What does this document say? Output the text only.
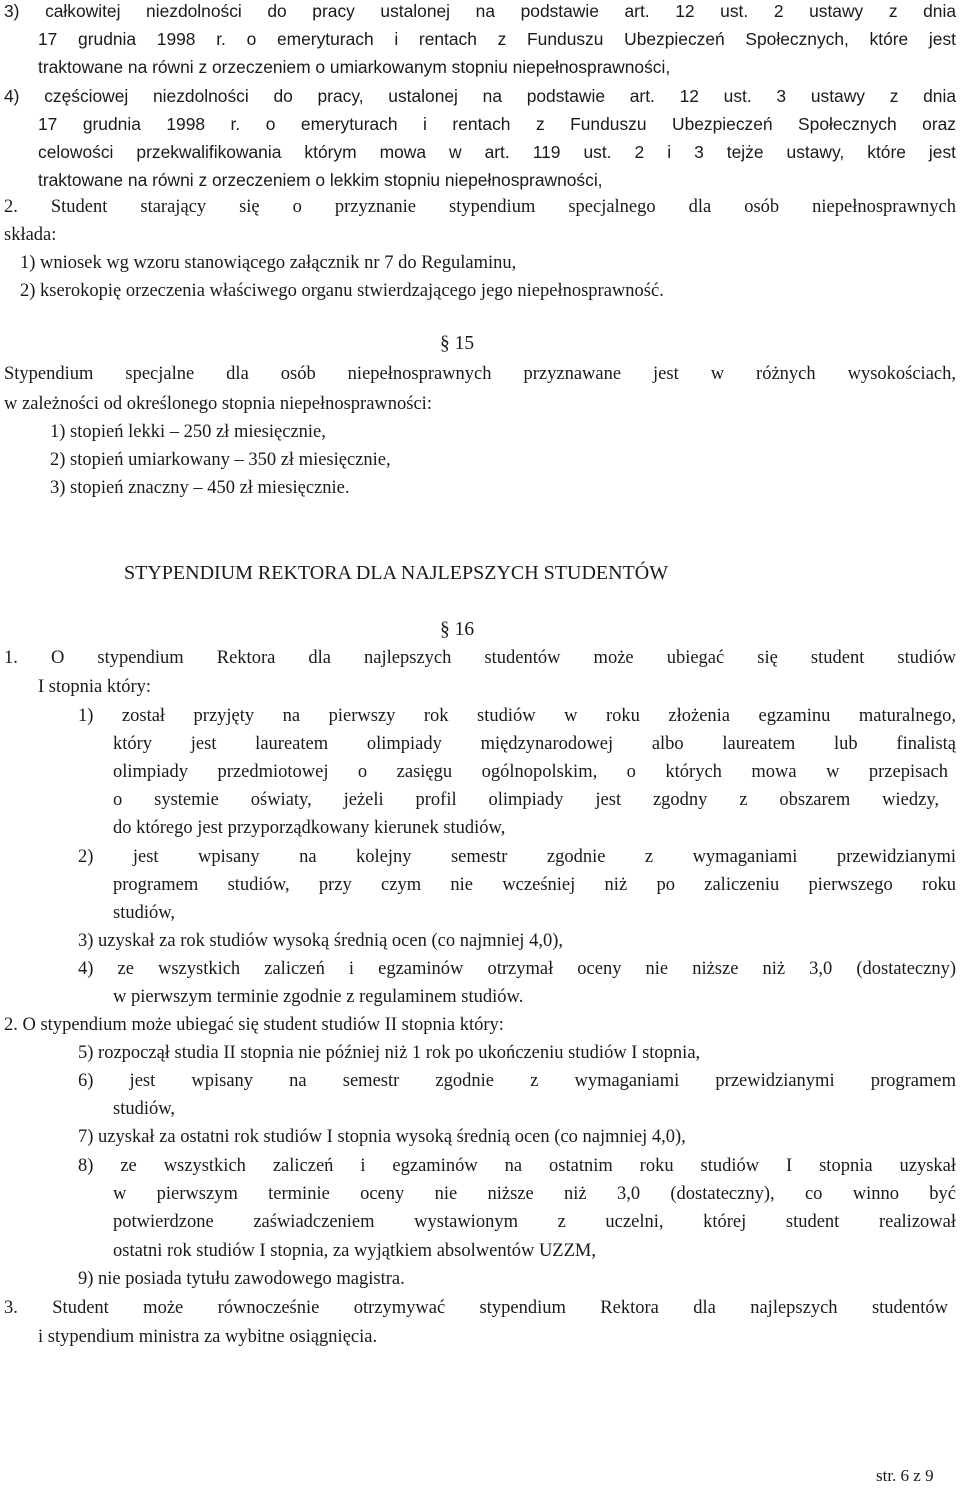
3) całkowitej niezdolności do pracy ustalonej na podstawie art. 12 ust. 2 ustawy z dnia
17 grudnia 1998 r. o emeryturach i rentach z Funduszu Ubezpieczeń Społecznych, które jest
traktowane na równi z orzeczeniem o umiarkowanym stopniu niepełnosprawności,
4) częściowej niezdolności do pracy, ustalonej na podstawie art. 12 ust. 3 ustawy z dnia
17 grudnia 1998 r. o emeryturach i rentach z Funduszu Ubezpieczeń Społecznych oraz
celowości przekwalifikowania którym mowa w art. 119 ust. 2 i 3 tejże ustawy, które jest
traktowane na równi z orzeczeniem o lekkim stopniu niepełnosprawności,
2. Student starający się o przyznanie stypendium specjalnego dla osób niepełnosprawnych
składa:
1) wniosek wg wzoru stanowiącego załącznik nr 7 do Regulaminu,
2) kserokopię orzeczenia właściwego organu stwierdzającego jego niepełnosprawność.
§ 15
Stypendium specjalne dla osób niepełnosprawnych przyznawane jest w różnych wysokościach,
w zależności od określonego stopnia niepełnosprawności:
1) stopień lekki – 250 zł miesięcznie,
2) stopień umiarkowany – 350 zł miesięcznie,
3) stopień znaczny – 450 zł miesięcznie.
STYPENDIUM REKTORA DLA NAJLEPSZYCH STUDENTÓW
§ 16
1. O stypendium Rektora dla najlepszych studentów może ubiegać się student studiów
I stopnia który:
1) został przyjęty na pierwszy rok studiów w roku złożenia egzaminu maturalnego,
który jest laureatem olimpiady międzynarodowej albo laureatem lub finalistą
olimpiady przedmiotowej o zasięgu ogólnopolskim, o których mowa w przepisach
o systemie oświaty, jeżeli profil olimpiady jest zgodny z obszarem wiedzy,
do którego jest przyporządkowany kierunek studiów,
2) jest wpisany na kolejny semestr zgodnie z wymaganiami przewidzianymi
programem studiów, przy czym nie wcześniej niż po zaliczeniu pierwszego roku
studiów,
3) uzyskał za rok studiów wysoką średnią ocen (co najmniej 4,0),
4) ze wszystkich zaliczeń i egzaminów otrzymał oceny nie niższe niż 3,0 (dostateczny)
w pierwszym terminie zgodnie z regulaminem studiów.
2. O stypendium może ubiegać się student studiów II stopnia który:
5) rozpoczął studia II stopnia nie później niż 1 rok po ukończeniu studiów I stopnia,
6) jest wpisany na semestr zgodnie z wymaganiami przewidzianymi programem
studiów,
7) uzyskał za ostatni rok studiów I stopnia wysoką średnią ocen (co najmniej 4,0),
8) ze wszystkich zaliczeń i egzaminów na ostatnim roku studiów I stopnia uzyskał
w pierwszym terminie oceny nie niższe niż 3,0 (dostateczny), co winno być
potwierdzone zaświadczeniem wystawionym z uczelni, której student realizował
ostatni rok studiów I stopnia, za wyjątkiem absolwentów UZZM,
9) nie posiada tytułu zawodowego magistra.
3. Student może równocześnie otrzymywać stypendium Rektora dla najlepszych studentów
i stypendium ministra za wybitne osiągnięcia.
str. 6 z 9
